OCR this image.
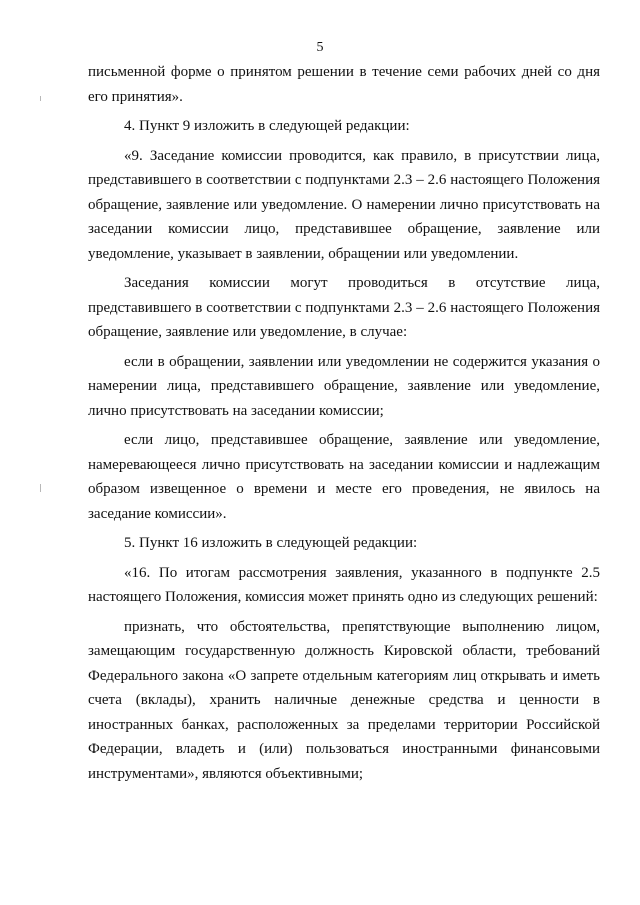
5

письменной форме о принятом решении в течение семи рабочих дней со дня его принятия».

4. Пункт 9 изложить в следующей редакции:

«9. Заседание комиссии проводится, как правило, в присутствии лица, представившего в соответствии с подпунктами 2.3 – 2.6 настоящего Положения обращение, заявление или уведомление. О намерении лично присутствовать на заседании комиссии лицо, представившее обращение, заявление или уведомление, указывает в заявлении, обращении или уведомлении.

Заседания комиссии могут проводиться в отсутствие лица, представившего в соответствии с подпунктами 2.3 – 2.6 настоящего Положения обращение, заявление или уведомление, в случае:

если в обращении, заявлении или уведомлении не содержится указания о намерении лица, представившего обращение, заявление или уведомление, лично присутствовать на заседании комиссии;

если лицо, представившее обращение, заявление или уведомление, намеревающееся лично присутствовать на заседании комиссии и надлежащим образом извещенное о времени и месте его проведения, не явилось на заседание комиссии».

5. Пункт 16 изложить в следующей редакции:

«16. По итогам рассмотрения заявления, указанного в подпункте 2.5 настоящего Положения, комиссия может принять одно из следующих решений:

признать, что обстоятельства, препятствующие выполнению лицом, замещающим государственную должность Кировской области, требований Федерального закона «О запрете отдельным категориям лиц открывать и иметь счета (вклады), хранить наличные денежные средства и ценности в иностранных банках, расположенных за пределами территории Российской Федерации, владеть и (или) пользоваться иностранными финансовыми инструментами», являются объективными;
